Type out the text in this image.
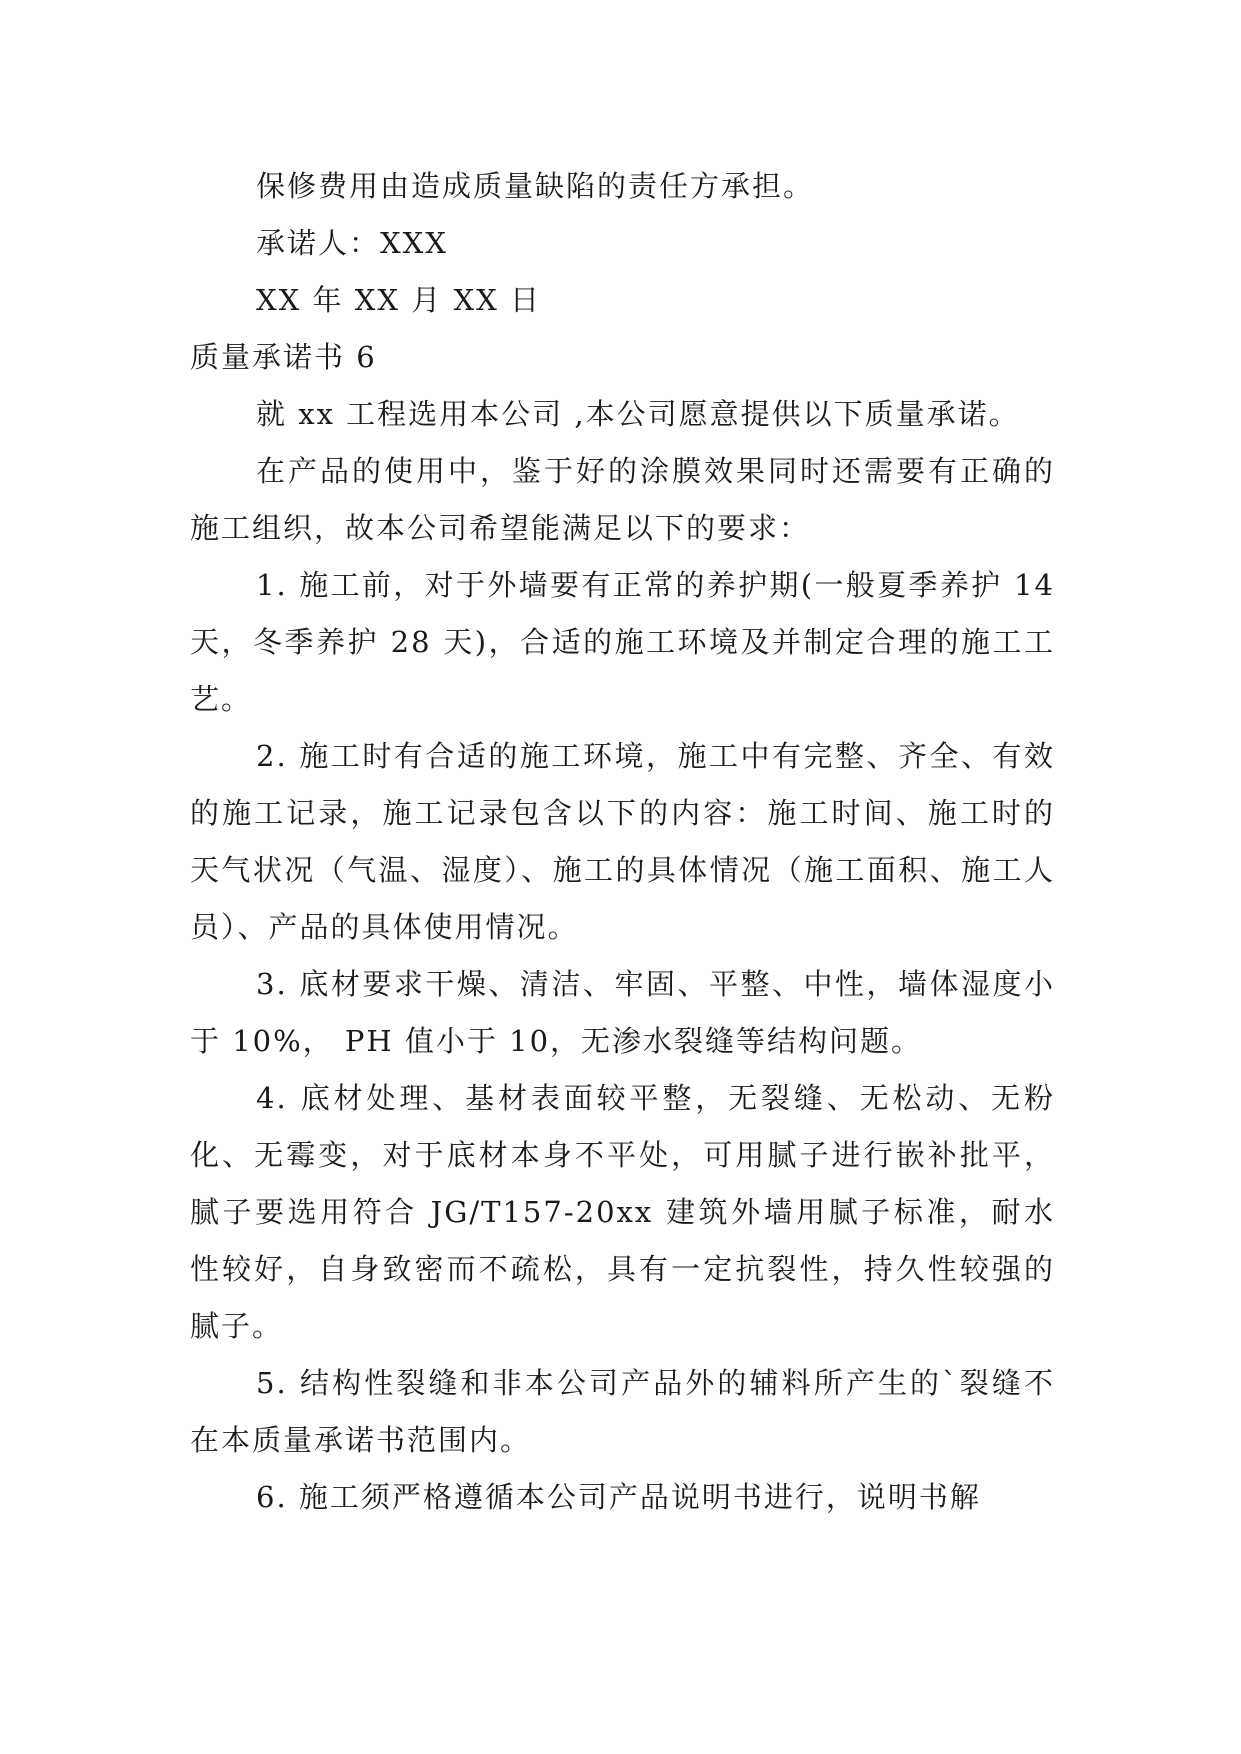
保修费用由造成质量缺陷的责任方承担。

承诺人：XXX

XX 年 XX 月 XX 日

质量承诺书 6

就 xx 工程选用本公司 ,本公司愿意提供以下质量承诺。

在产品的使用中，鉴于好的涂膜效果同时还需要有正确的施工组织，故本公司希望能满足以下的要求：

1. 施工前，对于外墙要有正常的养护期(一般夏季养护 14 天，冬季养护 28 天)，合适的施工环境及并制定合理的施工工艺。

2. 施工时有合适的施工环境，施工中有完整、齐全、有效的施工记录，施工记录包含以下的内容：施工时间、施工时的天气状况（气温、湿度）、施工的具体情况（施工面积、施工人员）、产品的具体使用情况。

3. 底材要求干燥、清洁、牢固、平整、中性，墙体湿度小于 10%， PH 值小于 10，无渗水裂缝等结构问题。

4. 底材处理、基材表面较平整，无裂缝、无松动、无粉化、无霉变，对于底材本身不平处，可用腻子进行嵌补批平，腻子要选用符合 JG/T157-20xx 建筑外墙用腻子标准，耐水性较好，自身致密而不疏松，具有一定抗裂性，持久性较强的腻子。

5. 结构性裂缝和非本公司产品外的辅料所产生的`裂缝不在本质量承诺书范围内。

6. 施工须严格遵循本公司产品说明书进行，说明书解
